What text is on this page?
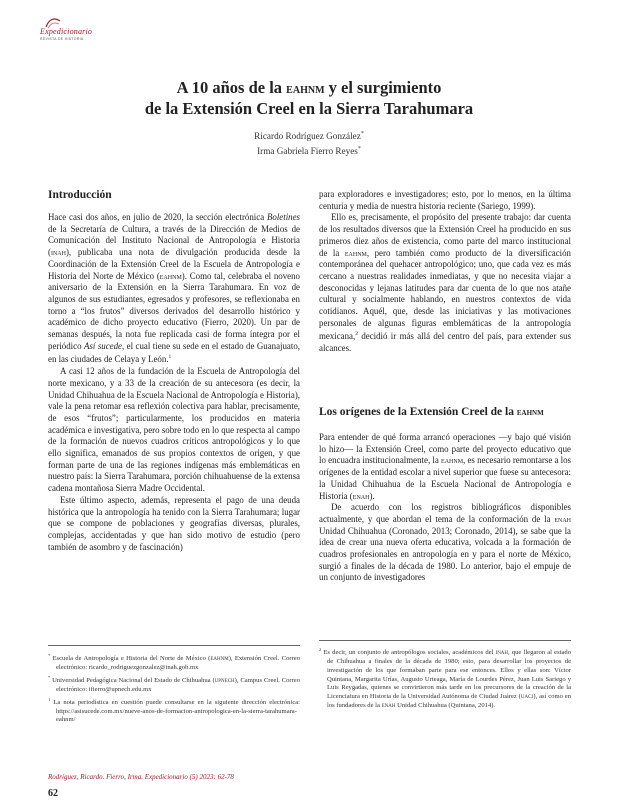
Expedicionario
REVISTA DE HISTORIA
A 10 años de la eahnm y el surgimiento
de la Extensión Creel en la Sierra Tarahumara
Ricardo Rodríguez González*
Irma Gabriela Fierro Reyes*
Introducción

Hace casi dos años, en julio de 2020, la sección electrónica Boletines de la Secretaría de Cultura, a través de la Dirección de Medios de Comunicación del Instituto Nacional de Antropología e Historia (inah), publicaba una nota de divulgación producida desde la Coordinación de la Extensión Creel de la Escuela de Antropología e Historia del Norte de México (eahnm). Como tal, celebraba el noveno aniversario de la Extensión en la Sierra Tarahumara. En voz de algunos de sus estudiantes, egresados y profesores, se reflexionaba en torno a “los frutos” diversos derivados del desarrollo histórico y académico de dicho proyecto educativo (Fierro, 2020). Un par de semanas después, la nota fue replicada casi de forma íntegra por el periódico Así sucede, el cual tiene su sede en el estado de Guanajuato, en las ciudades de Celaya y León.$^1$

A casi 12 años de la fundación de la Escuela de Antropología del norte mexicano, y a 33 de la creación de su antecesora (es decir, la Unidad Chihuahua de la Escuela Nacional de Antropología e Historia), vale la pena retomar esa reflexión colectiva para hablar, precisamente, de esos “frutos”; particularmente, los producidos en materia académica e investigativa, pero sobre todo en lo que respecta al campo de la formación de nuevos cuadros críticos antropológicos y lo que ello significa, emanados de sus propios contextos de origen, y que forman parte de una de las regiones indígenas más emblemáticas en nuestro país: la Sierra Tarahumara, porción chihuahuense de la extensa cadena montañosa Sierra Madre Occidental.

Este último aspecto, además, representa el pago de una deuda histórica que la antropología ha tenido con la Sierra Tarahumara; lugar que se compone de poblaciones y geografías diversas, plurales, complejas, accidentadas y que han sido motivo de estudio (pero también de asombro y de fascinación)

para exploradores e investigadores; esto, por lo menos, en la última centuria y media de nuestra historia reciente (Sariego, 1999).

Ello es, precisamente, el propósito del presente trabajo: dar cuenta de los resultados diversos que la Extensión Creel ha producido en sus primeros diez años de existencia, como parte del marco institucional de la eahnm, pero también como producto de la diversificación contemporánea del quehacer antropológico; uno, que cada vez es más cercano a nuestras realidades inmediatas, y que no necesita viajar a desconocidas y lejanas latitudes para dar cuenta de lo que nos atañe cultural y socialmente hablando, en nuestros contextos de vida cotidianos. Aquél, que, desde las iniciativas y las motivaciones personales de algunas figuras emblemáticas de la antropología mexicana,$^2$ decidió ir más allá del centro del país, para extender sus alcances.

Los orígenes de la Extensión Creel de la eahnm

Para entender de qué forma arrancó operaciones —y bajo qué visión lo hizo— la Extensión Creel, como parte del proyecto educativo que lo encuadra institucionalmente, la eahnm, es necesario remontarse a los orígenes de la entidad escolar a nivel superior que fuese su antecesora: la Unidad Chihuahua de la Escuela Nacional de Antropología e Historia (enah).

De acuerdo con los registros bibliográficos disponibles actualmente, y que abordan el tema de la conformación de la enah Unidad Chihuahua (Coronado, 2013; Coronado, 2014), se sabe que la idea de crear una nueva oferta educativa, volcada a la formación de cuadros profesionales en antropología en y para el norte de México, surgió a finales de la década de 1980. Lo anterior, bajo el empuje de un conjunto de investigadores

* Escuela de Antropología e Historia del Norte de México (eahnm), Extensión Creel. Correo electrónico: ricardo_rodriguezgonzalez@inah.gob.mx

* Universidad Pedagógica Nacional del Estado de Chihuahua (upnech), Campus Creel. Correo electrónico: ifierro@upnech.edu.mx

$^1$ La nota periodística en cuestión puede consultarse en la siguiente dirección electrónica: https://asisucede.com.mx/nueve-anos-de-formacion-antropologica-en-la-sierra-tarahumara-eahnm/

$^2$ Es decir, un conjunto de antropólogos sociales, académicos del inah, que llegaron al estado de Chihuahua a finales de la década de 1980; esto, para desarrollar los proyectos de investigación de los que formaban parte para ese entonces. Ellos y ellas son: Víctor Quintana, Margarita Urías, Augusto Urteaga, María de Lourdes Pérez, Juan Luis Sariego y Luis Reygadas, quienes se convirtieron más tarde en los precursores de la creación de la Licenciatura en Historia de la Universidad Autónoma de Ciudad Juárez (uacj), así como en los fundadores de la enah Unidad Chihuahua (Quintana, 2014).

Rodríguez, Ricardo. Fierro, Irma. Expedicionario (5) 2023: 62-78
62
